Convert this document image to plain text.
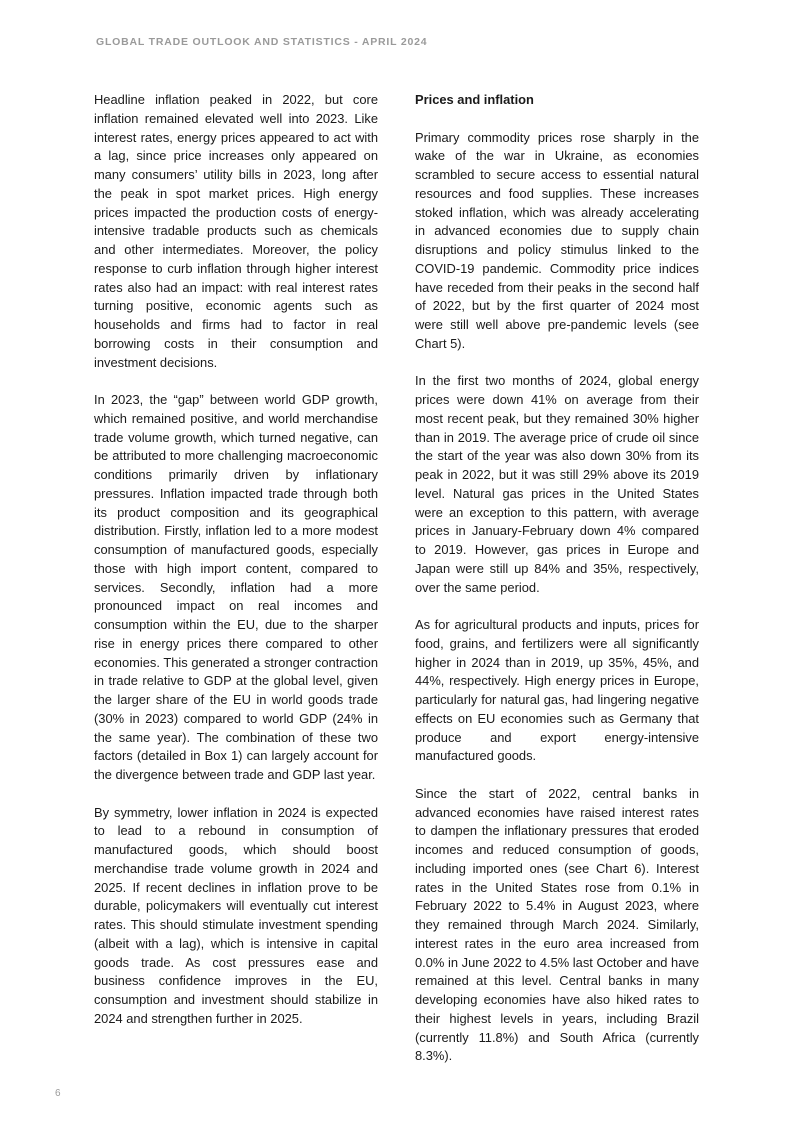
GLOBAL TRADE OUTLOOK AND STATISTICS - APRIL 2024

Headline inflation peaked in 2022, but core inflation remained elevated well into 2023. Like interest rates, energy prices appeared to act with a lag, since price increases only appeared on many consumers’ utility bills in 2023, long after the peak in spot market prices. High energy prices impacted the production costs of energy-intensive tradable products such as chemicals and other intermediates. Moreover, the policy response to curb inflation through higher interest rates also had an impact: with real interest rates turning positive, economic agents such as households and firms had to factor in real borrowing costs in their consumption and investment decisions.

In 2023, the “gap” between world GDP growth, which remained positive, and world merchandise trade volume growth, which turned negative, can be attributed to more challenging macroeconomic conditions primarily driven by inflationary pressures. Inflation impacted trade through both its product composition and its geographical distribution. Firstly, inflation led to a more modest consumption of manufactured goods, especially those with high import content, compared to services. Secondly, inflation had a more pronounced impact on real incomes and consumption within the EU, due to the sharper rise in energy prices there compared to other economies. This generated a stronger contraction in trade relative to GDP at the global level, given the larger share of the EU in world goods trade (30% in 2023) compared to world GDP (24% in the same year). The combination of these two factors (detailed in Box 1) can largely account for the divergence between trade and GDP last year.

By symmetry, lower inflation in 2024 is expected to lead to a rebound in consumption of manufactured goods, which should boost merchandise trade volume growth in 2024 and 2025. If recent declines in inflation prove to be durable, policymakers will eventually cut interest rates. This should stimulate investment spending (albeit with a lag), which is intensive in capital goods trade. As cost pressures ease and business confidence improves in the EU, consumption and investment should stabilize in 2024 and strengthen further in 2025.

Prices and inflation

Primary commodity prices rose sharply in the wake of the war in Ukraine, as economies scrambled to secure access to essential natural resources and food supplies. These increases stoked inflation, which was already accelerating in advanced economies due to supply chain disruptions and policy stimulus linked to the COVID-19 pandemic. Commodity price indices have receded from their peaks in the second half of 2022, but by the first quarter of 2024 most were still well above pre-pandemic levels (see Chart 5).

In the first two months of 2024, global energy prices were down 41% on average from their most recent peak, but they remained 30% higher than in 2019. The average price of crude oil since the start of the year was also down 30% from its peak in 2022, but it was still 29% above its 2019 level. Natural gas prices in the United States were an exception to this pattern, with average prices in January-February down 4% compared to 2019. However, gas prices in Europe and Japan were still up 84% and 35%, respectively, over the same period.

As for agricultural products and inputs, prices for food, grains, and fertilizers were all significantly higher in 2024 than in 2019, up 35%, 45%, and 44%, respectively. High energy prices in Europe, particularly for natural gas, had lingering negative effects on EU economies such as Germany that produce and export energy-intensive manufactured goods.

Since the start of 2022, central banks in advanced economies have raised interest rates to dampen the inflationary pressures that eroded incomes and reduced consumption of goods, including imported ones (see Chart 6). Interest rates in the United States rose from 0.1% in February 2022 to 5.4% in August 2023, where they remained through March 2024. Similarly, interest rates in the euro area increased from 0.0% in June 2022 to 4.5% last October and have remained at this level. Central banks in many developing economies have also hiked rates to their highest levels in years, including Brazil (currently 11.8%) and South Africa (currently 8.3%).

6
